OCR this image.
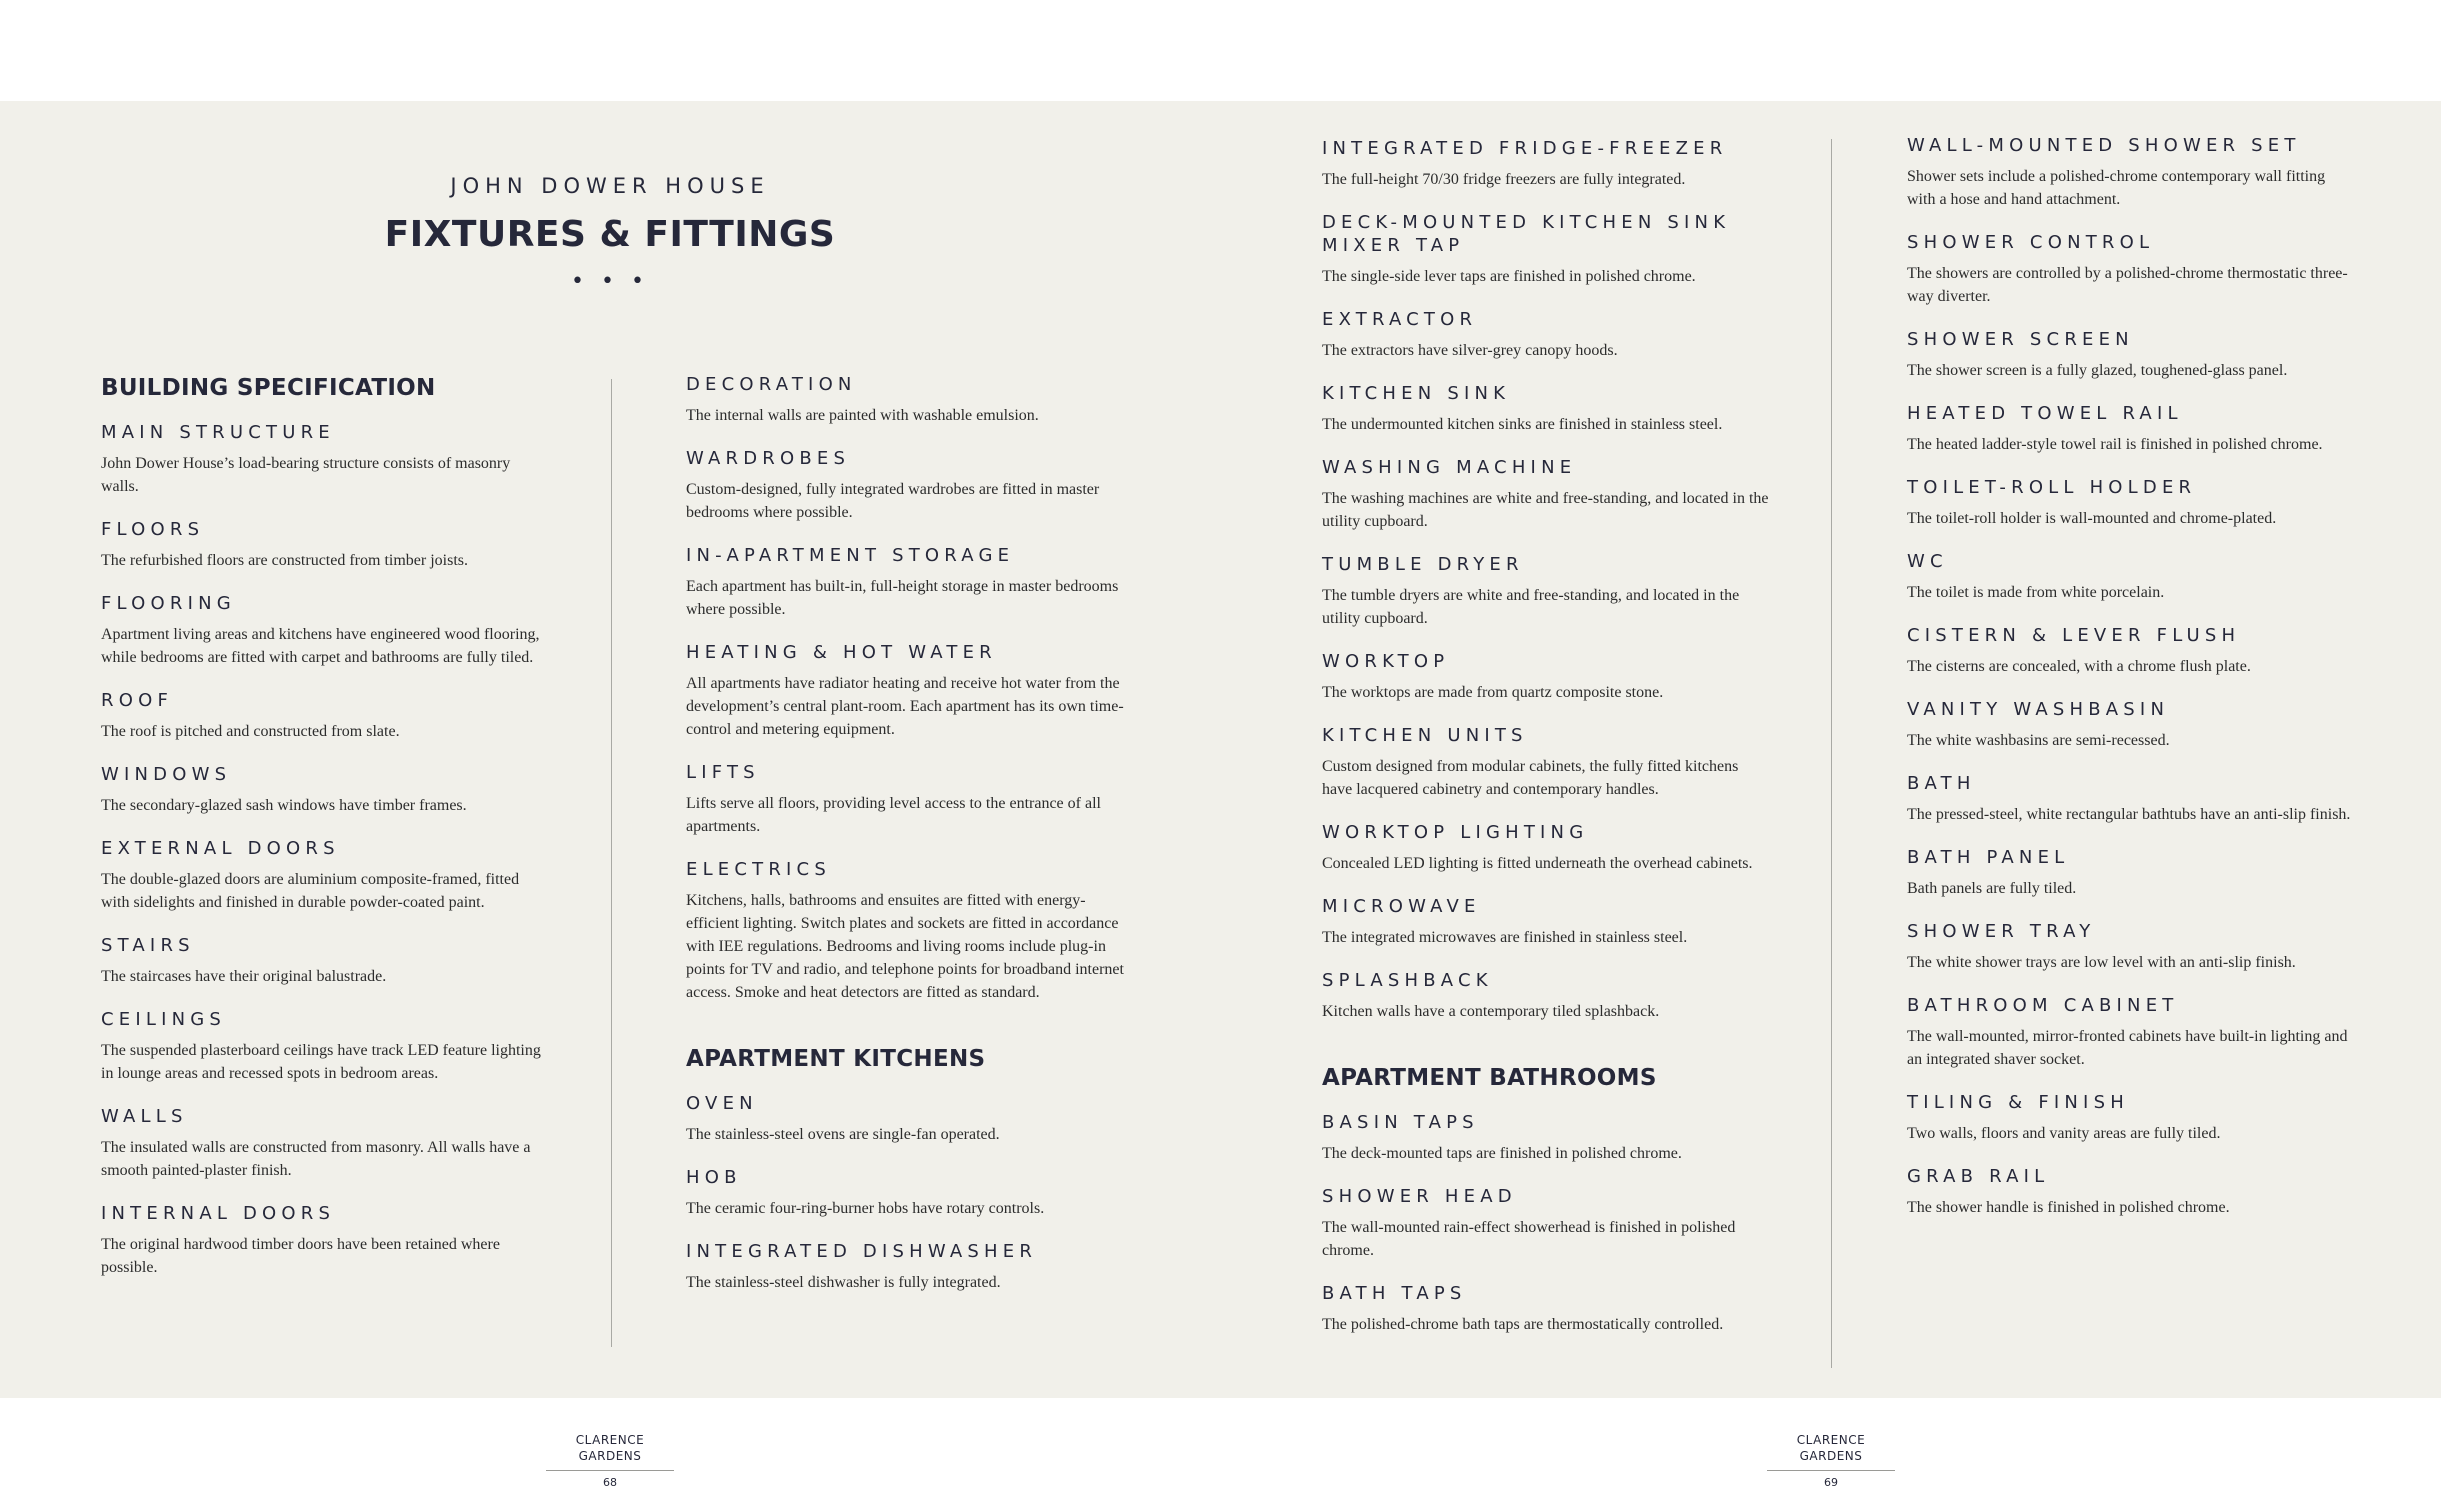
JOHN DOWER HOUSE
FIXTURES & FITTINGS
• • •
BUILDING SPECIFICATION
MAIN STRUCTURE
John Dower House’s load-bearing structure consists of masonry walls.
FLOORS
The refurbished floors are constructed from timber joists.
FLOORING
Apartment living areas and kitchens have engineered wood flooring, while bedrooms are fitted with carpet and bathrooms are fully tiled.
ROOF
The roof is pitched and constructed from slate.
WINDOWS
The secondary-glazed sash windows have timber frames.
EXTERNAL DOORS
The double-glazed doors are aluminium composite-framed, fitted with sidelights and finished in durable powder-coated paint.
STAIRS
The staircases have their original balustrade.
CEILINGS
The suspended plasterboard ceilings have track LED feature lighting in lounge areas and recessed spots in bedroom areas.
WALLS
The insulated walls are constructed from masonry. All walls have a smooth painted-plaster finish.
INTERNAL DOORS
The original hardwood timber doors have been retained where possible.
DECORATION
The internal walls are painted with washable emulsion.
WARDROBES
Custom-designed, fully integrated wardrobes are fitted in master bedrooms where possible.
IN-APARTMENT STORAGE
Each apartment has built-in, full-height storage in master bedrooms where possible.
HEATING & HOT WATER
All apartments have radiator heating and receive hot water from the development’s central plant-room. Each apartment has its own time-control and metering equipment.
LIFTS
Lifts serve all floors, providing level access to the entrance of all apartments.
ELECTRICS
Kitchens, halls, bathrooms and ensuites are fitted with energy-efficient lighting. Switch plates and sockets are fitted in accordance with IEE regulations. Bedrooms and living rooms include plug-in points for TV and radio, and telephone points for broadband internet access. Smoke and heat detectors are fitted as standard.
APARTMENT KITCHENS
OVEN
The stainless-steel ovens are single-fan operated.
HOB
The ceramic four-ring-burner hobs have rotary controls.
INTEGRATED DISHWASHER
The stainless-steel dishwasher is fully integrated.
INTEGRATED FRIDGE-FREEZER
The full-height 70/30 fridge freezers are fully integrated.
DECK-MOUNTED KITCHEN SINK MIXER TAP
The single-side lever taps are finished in polished chrome.
EXTRACTOR
The extractors have silver-grey canopy hoods.
KITCHEN SINK
The undermounted kitchen sinks are finished in stainless steel.
WASHING MACHINE
The washing machines are white and free-standing, and located in the utility cupboard.
TUMBLE DRYER
The tumble dryers are white and free-standing, and located in the utility cupboard.
WORKTOP
The worktops are made from quartz composite stone.
KITCHEN UNITS
Custom designed from modular cabinets, the fully fitted kitchens have lacquered cabinetry and contemporary handles.
WORKTOP LIGHTING
Concealed LED lighting is fitted underneath the overhead cabinets.
MICROWAVE
The integrated microwaves are finished in stainless steel.
SPLASHBACK
Kitchen walls have a contemporary tiled splashback.
APARTMENT BATHROOMS
BASIN TAPS
The deck-mounted taps are finished in polished chrome.
SHOWER HEAD
The wall-mounted rain-effect showerhead is finished in polished chrome.
BATH TAPS
The polished-chrome bath taps are thermostatically controlled.
WALL-MOUNTED SHOWER SET
Shower sets include a polished-chrome contemporary wall fitting with a hose and hand attachment.
SHOWER CONTROL
The showers are controlled by a polished-chrome thermostatic three-way diverter.
SHOWER SCREEN
The shower screen is a fully glazed, toughened-glass panel.
HEATED TOWEL RAIL
The heated ladder-style towel rail is finished in polished chrome.
TOILET-ROLL HOLDER
The toilet-roll holder is wall-mounted and chrome-plated.
WC
The toilet is made from white porcelain.
CISTERN & LEVER FLUSH
The cisterns are concealed, with a chrome flush plate.
VANITY WASHBASIN
The white washbasins are semi-recessed.
BATH
The pressed-steel, white rectangular bathtubs have an anti-slip finish.
BATH PANEL
Bath panels are fully tiled.
SHOWER TRAY
The white shower trays are low level with an anti-slip finish.
BATHROOM CABINET
The wall-mounted, mirror-fronted cabinets have built-in lighting and an integrated shaver socket.
TILING & FINISH
Two walls, floors and vanity areas are fully tiled.
GRAB RAIL
The shower handle is finished in polished chrome.
CLARENCE GARDENS
68
CLARENCE GARDENS
69
